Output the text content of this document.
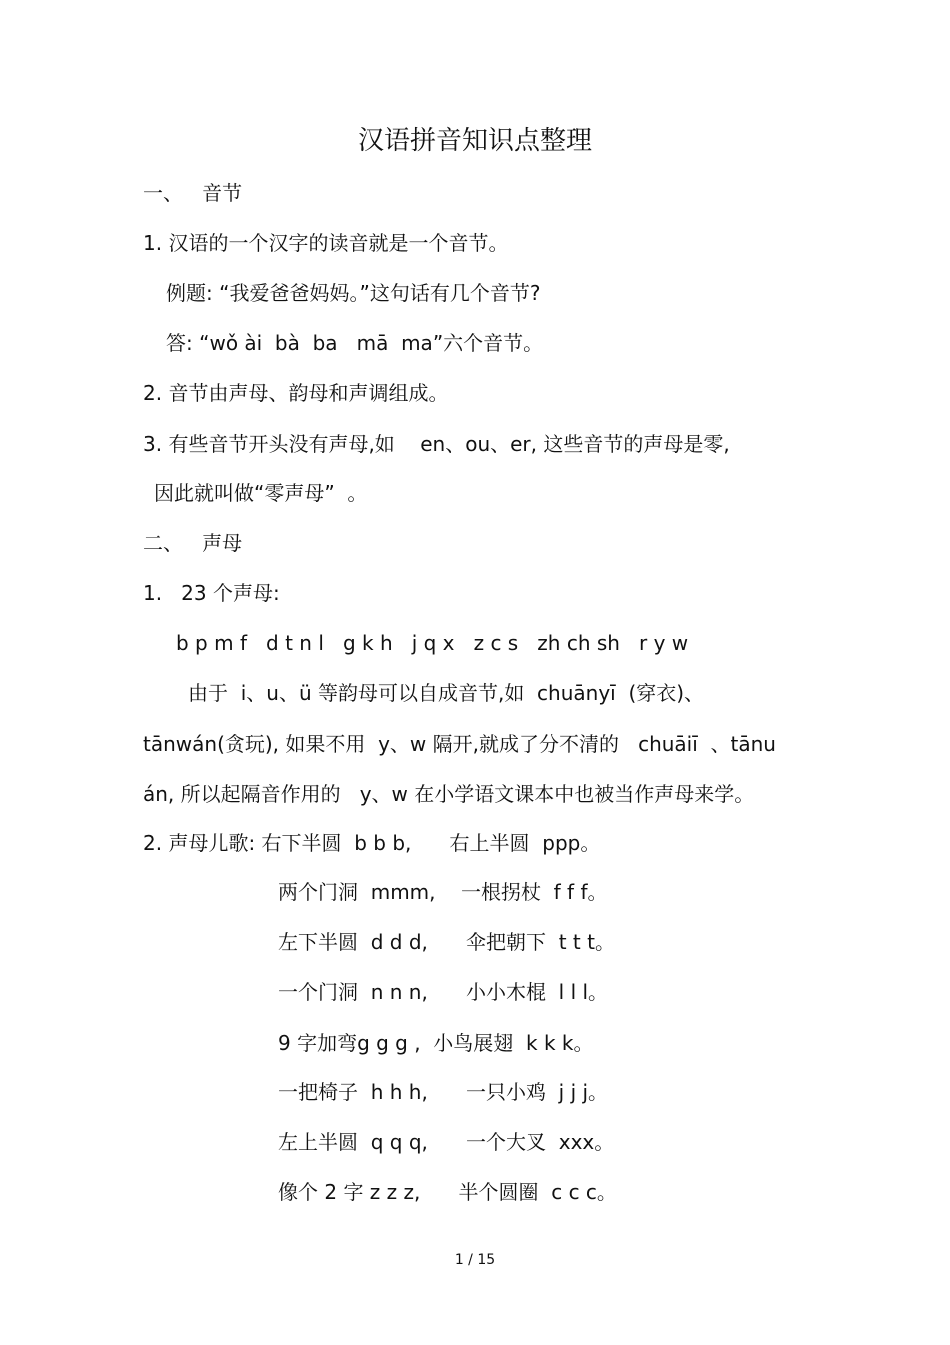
汉语拼音知识点整理
一、   音节
1. 汉语的一个汉字的读音就是一个音节。
例题: “我爱爸爸妈妈。”这句话有几个音节?
答: “wǒ ài  bà  ba   mā  ma”六个音节。
2. 音节由声母、韵母和声调组成。
3. 有些音节开头没有声母,如    en、ou、er, 这些音节的声母是零,
因此就叫做“零声母”  。
二、   声母
1.   23 个声母:
b p m f   d t n l   g k h   j q x   z c s   zh ch sh   r y w
由于  i、u、ü 等韵母可以自成音节,如  chuānyī  (穿衣)、
tānwán(贪玩), 如果不用  y、w 隔开,就成了分不清的   chuāiī  、tānu
án, 所以起隔音作用的   y、w 在小学语文课本中也被当作声母来学。
2. 声母儿歌: 右下半圆  b b b,      右上半圆  ppp。
两个门洞  mmm,    一根拐杖  f f f。
左下半圆  d d d,      伞把朝下  t t t。
一个门洞  n n n,      小小木棍  l l l。
9 字加弯g g g ,  小鸟展翅  k k k。
一把椅子  h h h,      一只小鸡  j j j。
左上半圆  q q q,      一个大叉  xxx。
像个 2 字 z z z,      半个圆圈  c c c。
1 / 15
